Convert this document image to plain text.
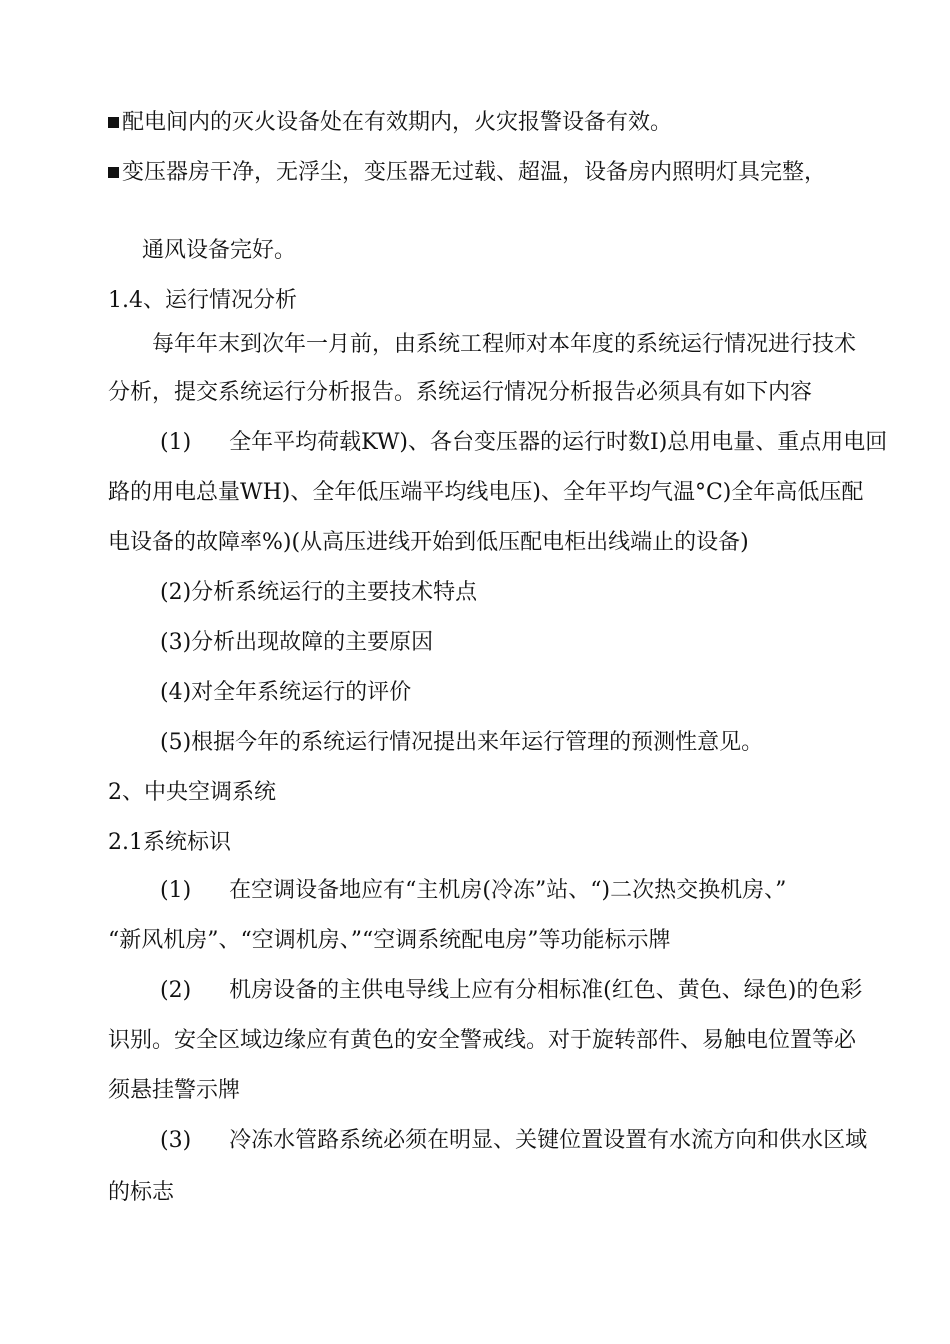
配电间内的灭火设备处在有效期内，火灾报警设备有效。
变压器房干净，无浮尘，变压器无过载、超温，设备房内照明灯具完整，
通风设备完好。
1.4、运行情况分析
每年年末到次年一月前，由系统工程师对本年度的系统运行情况进行技术
分析，提交系统运行分析报告。系统运行情况分析报告必须具有如下内容
(1) 全年平均荷载KW)、各台变压器的运行时数I)总用电量、重点用电回
路的用电总量WH)、全年低压端平均线电压)、全年平均气温°C)全年高低压配
电设备的故障率%)(从高压进线开始到低压配电柜出线端止的设备)
(2)分析系统运行的主要技术特点
(3)分析出现故障的主要原因
(4)对全年系统运行的评价
(5)根据今年的系统运行情况提出来年运行管理的预测性意见。
2、中央空调系统
2.1系统标识
(1) 在空调设备地应有“主机房(冷冻”站、“)二次热交换机房、”
“新风机房”、“空调机房、”“空调系统配电房”等功能标示牌
(2) 机房设备的主供电导线上应有分相标准(红色、黄色、绿色)的色彩
识别。安全区域边缘应有黄色的安全警戒线。对于旋转部件、易触电位置等必
须悬挂警示牌
(3) 冷冻水管路系统必须在明显、关键位置设置有水流方向和供水区域
的标志
